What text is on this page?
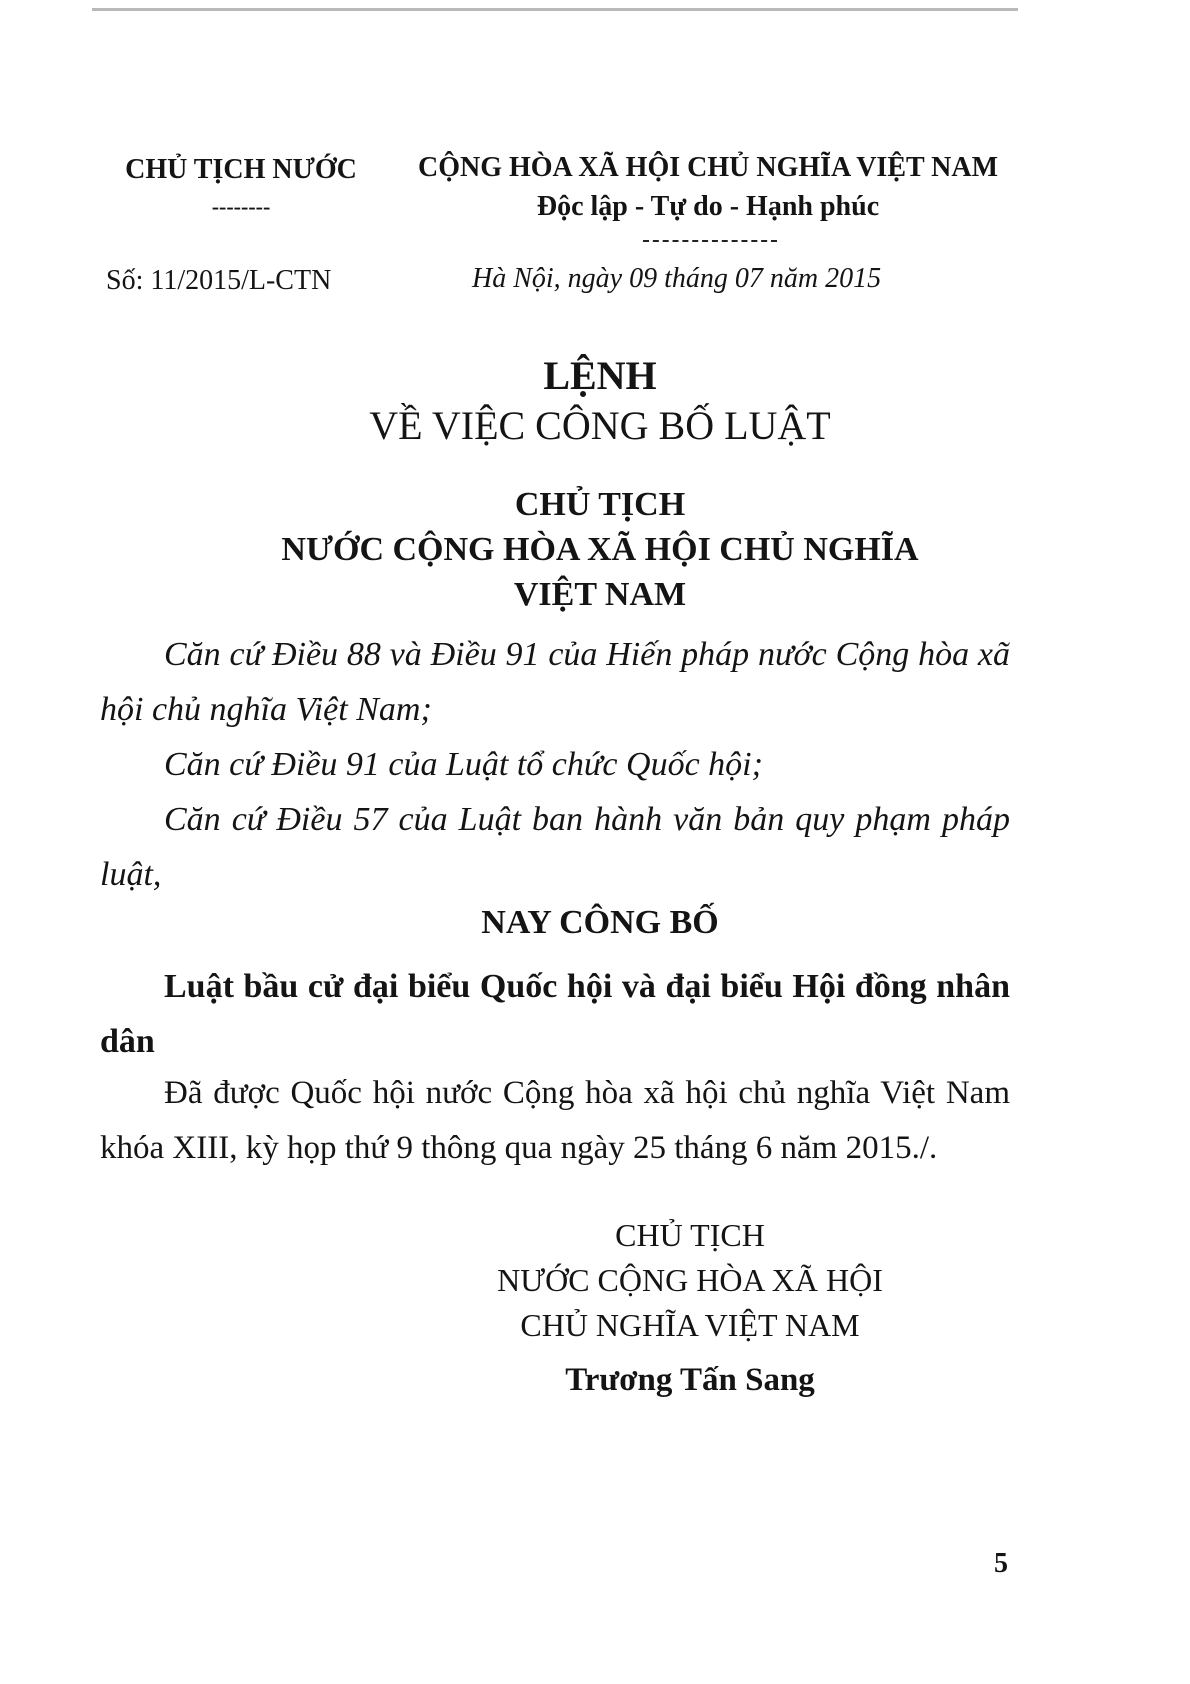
CHỦ TỊCH NƯỚC
--------
CỘNG HÒA XÃ HỘI CHỦ NGHĨA VIỆT NAM
Độc lập - Tự do - Hạnh phúc
Số: 11/2015/L-CTN	Hà Nội, ngày 09 tháng 07 năm 2015
LỆNH
VỀ VIỆC CÔNG BỐ LUẬT
CHỦ TỊCH
NƯỚC CỘNG HÒA XÃ HỘI CHỦ NGHĨA
VIỆT NAM
Căn cứ Điều 88 và Điều 91 của Hiến pháp nước Cộng hòa xã hội chủ nghĩa Việt Nam;
Căn cứ Điều 91 của Luật tổ chức Quốc hội;
Căn cứ Điều 57 của Luật ban hành văn bản quy phạm pháp luật,
NAY CÔNG BỐ
Luật bầu cử đại biểu Quốc hội và đại biểu Hội đồng nhân dân
Đã được Quốc hội nước Cộng hòa xã hội chủ nghĩa Việt Nam khóa XIII, kỳ họp thứ 9 thông qua ngày 25 tháng 6 năm 2015./.
CHỦ TỊCH
NƯỚC CỘNG HÒA XÃ HỘI
CHỦ NGHĨA VIỆT NAM
Trương Tấn Sang
5
